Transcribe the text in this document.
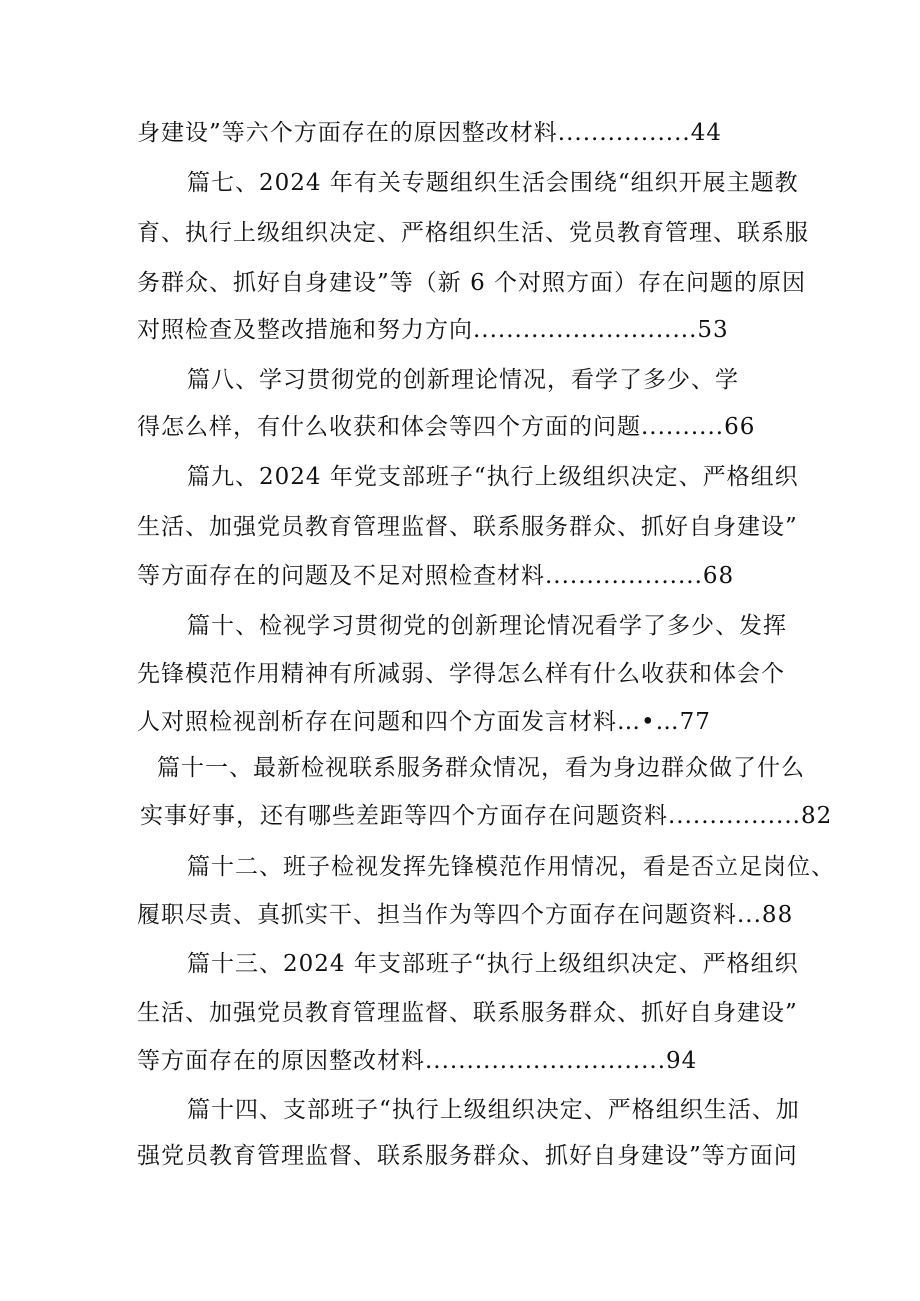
身建设”等六个方面存在的原因整改材料................44
篇七、2024 年有关专题组织生活会围绕“组织开展主题教
育、执行上级组织决定、严格组织生活、党员教育管理、联系服
务群众、抓好自身建设”等（新 6 个对照方面）存在问题的原因
对照检查及整改措施和努力方向...........................53
篇八、学习贯彻党的创新理论情况，看学了多少、学
得怎么样，有什么收获和体会等四个方面的问题..........66
篇九、2024 年党支部班子“执行上级组织决定、严格组织
生活、加强党员教育管理监督、联系服务群众、抓好自身建设”
等方面存在的问题及不足对照检查材料...................68
篇十、检视学习贯彻党的创新理论情况看学了多少、发挥
先锋模范作用精神有所减弱、学得怎么样有什么收获和体会个
人对照检视剖析存在问题和四个方面发言材料…•…77
篇十一、最新检视联系服务群众情况，看为身边群众做了什么
实事好事，还有哪些差距等四个方面存在问题资料................82
篇十二、班子检视发挥先锋模范作用情况，看是否立足岗位、
履职尽责、真抓实干、担当作为等四个方面存在问题资料...88
篇十三、2024 年支部班子“执行上级组织决定、严格组织
生活、加强党员教育管理监督、联系服务群众、抓好自身建设”
等方面存在的原因整改材料.............................94
篇十四、支部班子“执行上级组织决定、严格组织生活、加
强党员教育管理监督、联系服务群众、抓好自身建设”等方面问
